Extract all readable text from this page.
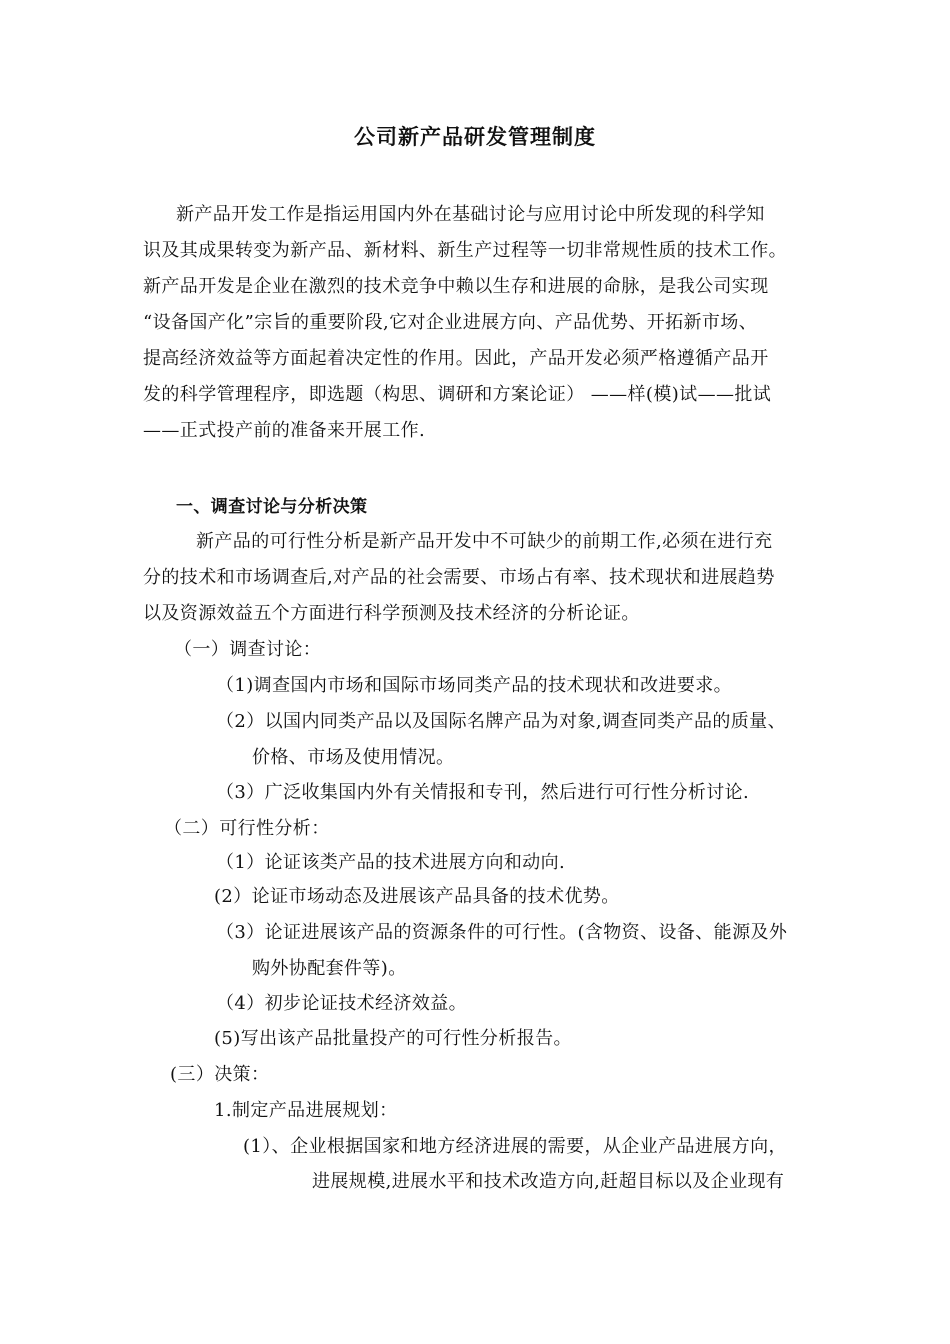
公司新产品研发管理制度
新产品开发工作是指运用国内外在基础讨论与应用讨论中所发现的科学知
识及其成果转变为新产品、新材料、新生产过程等一切非常规性质的技术工作。
新产品开发是企业在激烈的技术竞争中赖以生存和进展的命脉，是我公司实现
“设备国产化”宗旨的重要阶段,它对企业进展方向、产品优势、开拓新市场、
提高经济效益等方面起着决定性的作用。因此，产品开发必须严格遵循产品开
发的科学管理程序，即选题（构思、调研和方案论证） ——样(模)试——批试
——正式投产前的准备来开展工作.
一、调查讨论与分析决策
新产品的可行性分析是新产品开发中不可缺少的前期工作,必须在进行充
分的技术和市场调查后,对产品的社会需要、市场占有率、技术现状和进展趋势
以及资源效益五个方面进行科学预测及技术经济的分析论证。
（一）调查讨论：
（1)调查国内市场和国际市场同类产品的技术现状和改进要求。
（2）以国内同类产品以及国际名牌产品为对象,调查同类产品的质量、
价格、市场及使用情况。
（3）广泛收集国内外有关情报和专刊，然后进行可行性分析讨论.
（二）可行性分析：
（1）论证该类产品的技术进展方向和动向.
(2）论证市场动态及进展该产品具备的技术优势。
（3）论证进展该产品的资源条件的可行性。(含物资、设备、能源及外
购外协配套件等)。
（4）初步论证技术经济效益。
(5)写出该产品批量投产的可行性分析报告。
(三）决策：
1.制定产品进展规划：
(1）、企业根据国家和地方经济进展的需要，从企业产品进展方向，
进展规模,进展水平和技术改造方向,赶超目标以及企业现有
